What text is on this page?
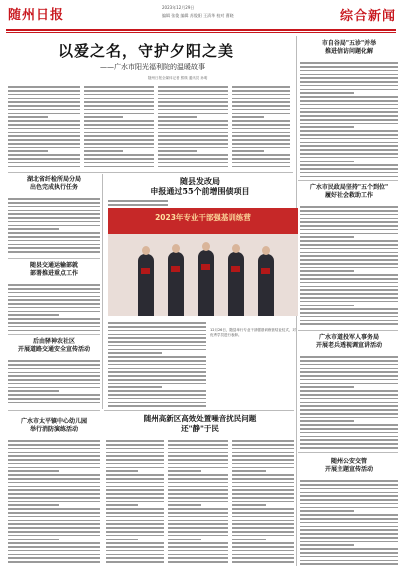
随州日报
2023年12月29日
编辑 张俊 编辑 苏俊阳 王清华 校对 曹晓	综合新闻
以爱之名，守护夕阳之美
——广水市阳光福利院的温暖故事
随州日报全媒体记者 熊瑛 通讯员 孙明
市自谷局"五诊"并举
推进信访问题化解
广水市民政局坚持"五个到位"
履好社会救助工作
广水市道投军人事务局
开展老兵透视调宣讲活动
随州公安交管
开展主题宣传活动
湖北省纤检所局分局
出色完成执行任务
随县交通运输部就
部署推进重点工作
后由驿神农社区
开展道路交通安全宣传活动
广水市太平镇中心幼儿园
举行消防演练活动
随县发改局
申报通过55个前增围债项目
2023年专业干部强基训练营
12月26日，随县举行专业干部强基训练营结业仪式，对优秀学员进行表彰。
随州高新区高效处置噪音扰民问题
还"静"于民
